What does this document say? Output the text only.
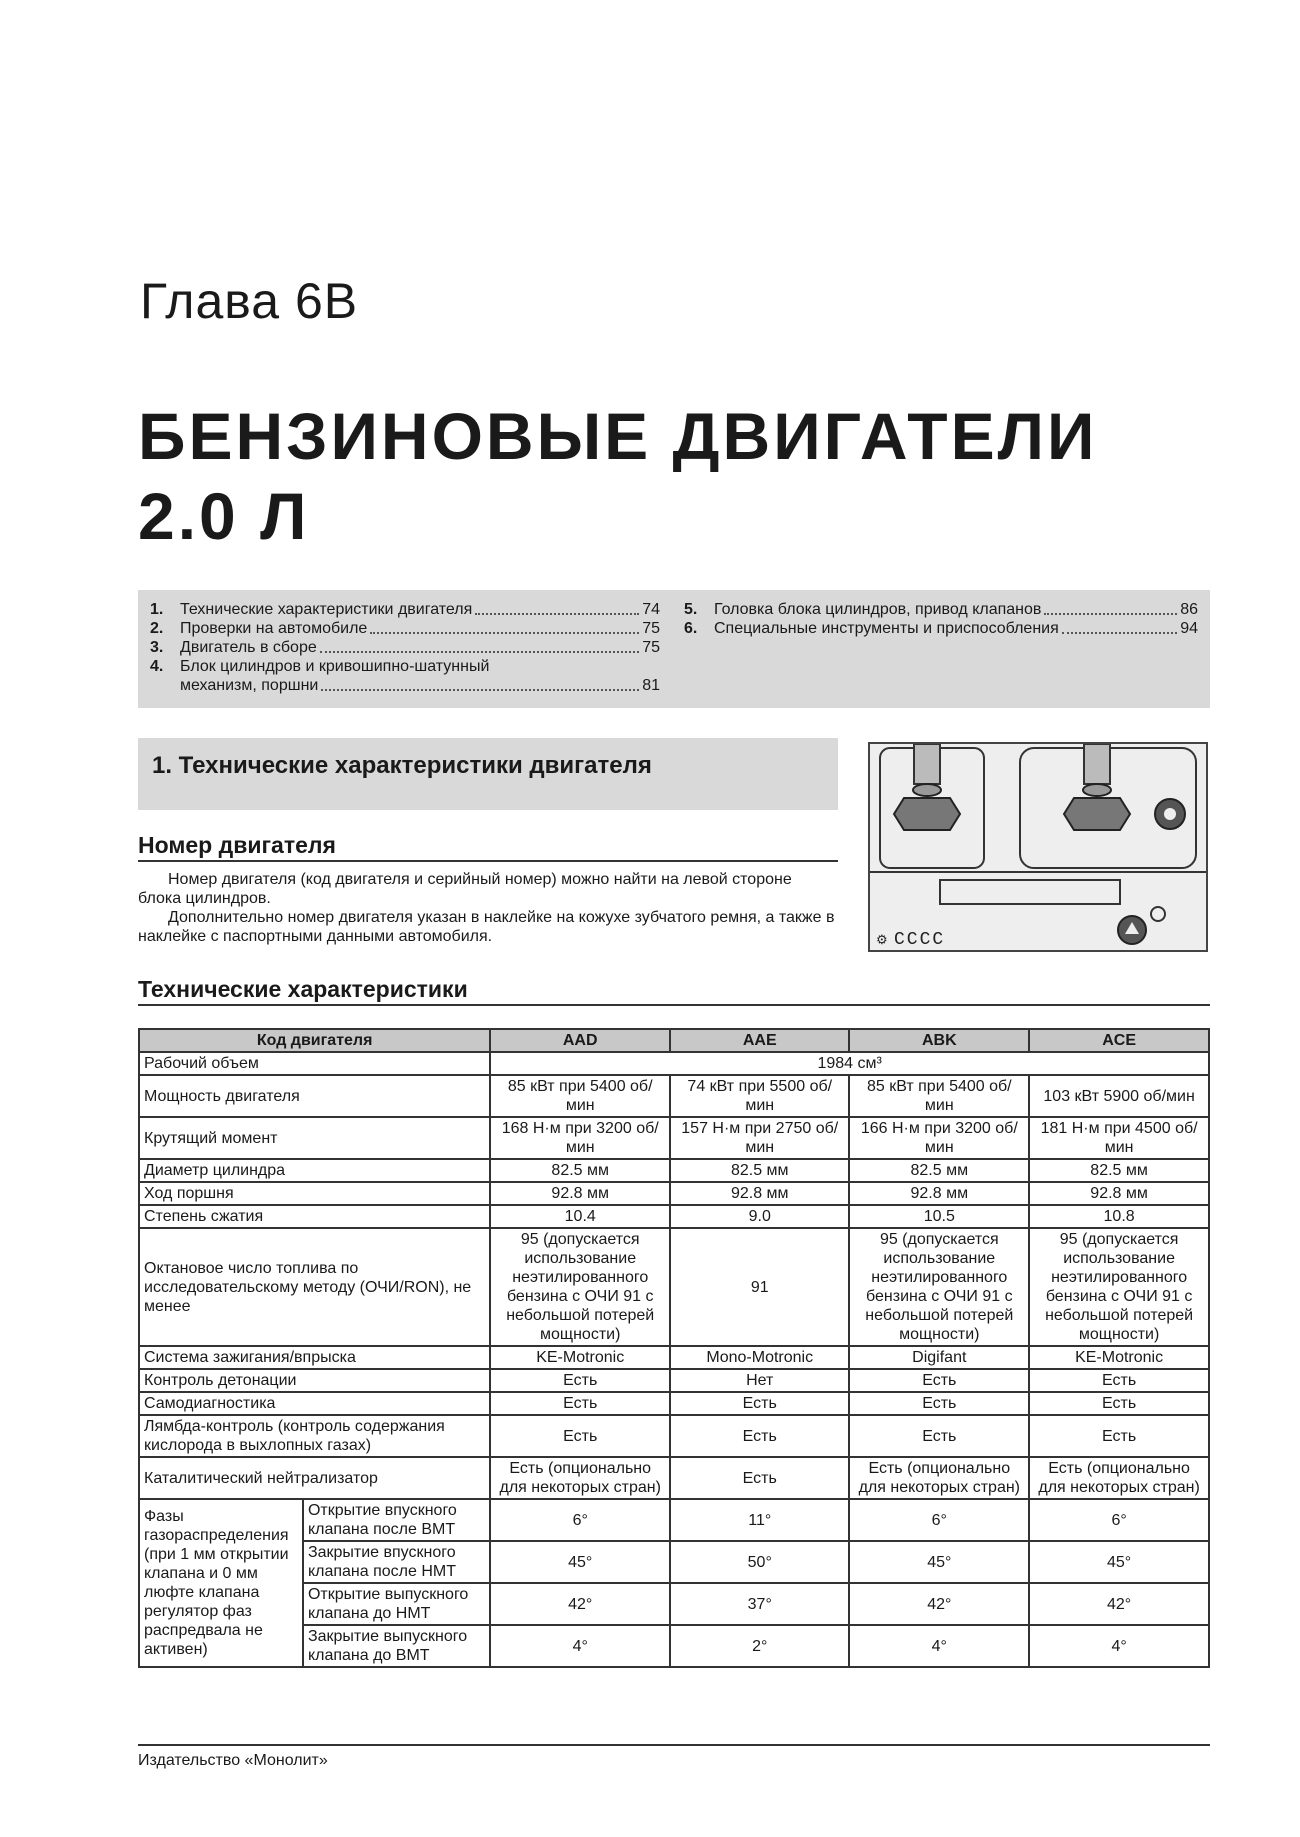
Глава 6В
БЕНЗИНОВЫЕ ДВИГАТЕЛИ
2.0 Л
1.	Технические характеристики двигателя	74
2.	Проверки на автомобиле	75
3.	Двигатель в сборе	75
4.	Блок цилиндров и кривошипно-шатунный
механизм, поршни	81
5.	Головка блока цилиндров, привод клапанов	86
6.	Специальные инструменты и приспособления	94
1. Технические характеристики двигателя
⚙ CCCC
Номер двигателя
Номер двигателя (код двигателя и серийный номер) можно найти на левой стороне блока цилиндров.
Дополнительно номер двигателя указан в наклейке на кожухе зубчатого ремня, а также в наклейке с паспортными данными автомобиля.
Технические характеристики
Код двигателя		AAD	AAE	ABK	ACE
Рабочий объем		1984 см³			
Мощность двигателя		85 кВт при 5400 об/мин	74 кВт при 5500 об/мин	85 кВт при 5400 об/мин	103 кВт 5900 об/мин
Крутящий момент		168 Н·м при 3200 об/мин	157 Н·м при 2750 об/мин	166 Н·м при 3200 об/мин	181 Н·м при 4500 об/мин
Диаметр цилиндра		82.5 мм	82.5 мм	82.5 мм	82.5 мм
Ход поршня		92.8 мм	92.8 мм	92.8 мм	92.8 мм
Степень сжатия		10.4	9.0	10.5	10.8
Октановое число топлива по исследовательскому методу (ОЧИ/RON), не менее		95 (допускается использование неэтилированного бензина с ОЧИ 91 с небольшой потерей мощности)	91	95 (допускается использование неэтилированного бензина с ОЧИ 91 с небольшой потерей мощности)	95 (допускается использование неэтилированного бензина с ОЧИ 91 с небольшой потерей мощности)
Система зажигания/впрыска		KE-Motronic	Mono-Motronic	Digifant	KE-Motronic
Контроль детонации		Есть	Нет	Есть	Есть
Самодиагностика		Есть	Есть	Есть	Есть
Лямбда-контроль (контроль содержания кислорода в выхлопных газах)		Есть	Есть	Есть	Есть
Каталитический нейтрализатор		Есть (опционально для некоторых стран)	Есть	Есть (опционально для некоторых стран)	Есть (опционально для некоторых стран)
Фазы газораспределения (при 1 мм открытии клапана и 0 мм люфте клапана регулятор фаз распредвала не активен)	Открытие впускного клапана после ВМТ	6°	11°	6°	6°
	Закрытие впускного клапана после НМТ	45°	50°	45°	45°
	Открытие выпускного клапана до НМТ	42°	37°	42°	42°
	Закрытие выпускного клапана до ВМТ	4°	2°	4°	4°
Издательство «Монолит»
